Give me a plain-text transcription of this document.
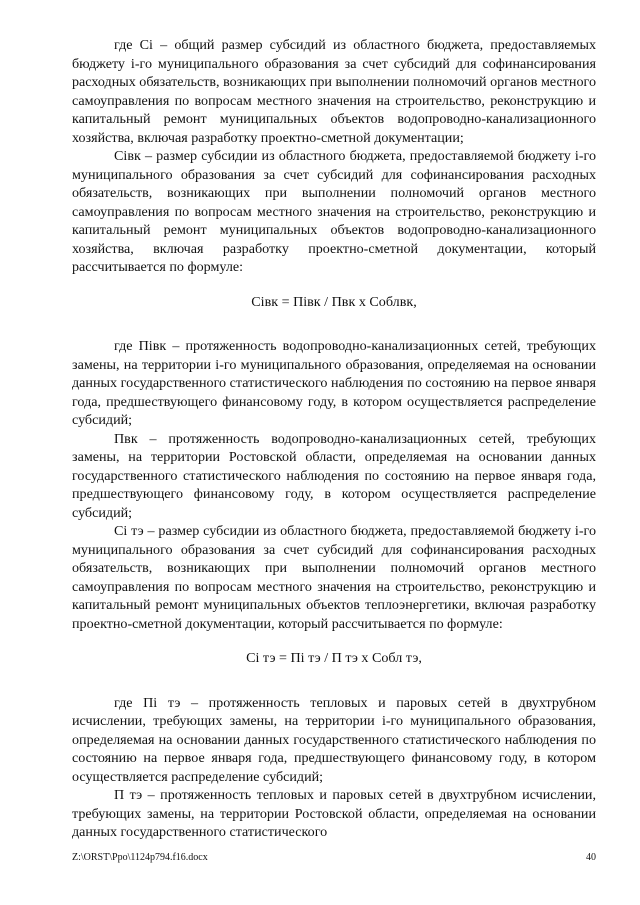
где Ci – общий размер субсидий из областного бюджета, предоставляемых бюджету i-го муниципального образования за счет субсидий для софинансирования расходных обязательств, возникающих при выполнении полномочий органов местного самоуправления по вопросам местного значения на строительство, реконструкцию и капитальный ремонт муниципальных объектов водопроводно-канализационного хозяйства, включая разработку проектно-сметной документации;

Ciвк – размер субсидии из областного бюджета, предоставляемой бюджету i-го муниципального образования за счет субсидий для софинансирования расходных обязательств, возникающих при выполнении полномочий органов местного самоуправления по вопросам местного значения на строительство, реконструкцию и капитальный ремонт муниципальных объектов водопроводно-канализационного хозяйства, включая разработку проектно-сметной документации, который рассчитывается по формуле:

Ciвк = Пiвк / Пвк х Соблвк,

где Пiвк – протяженность водопроводно-канализационных сетей, требующих замены, на территории i-го муниципального образования, определяемая на основании данных государственного статистического наблюдения по состоянию на первое января года, предшествующего финансовому году, в котором осуществляется распределение субсидий;

Пвк – протяженность водопроводно-канализационных сетей, требующих замены, на территории Ростовской области, определяемая на основании данных государственного статистического наблюдения по состоянию на первое января года, предшествующего финансовому году, в котором осуществляется распределение субсидий;

Ci тэ – размер субсидии из областного бюджета, предоставляемой бюджету i-го муниципального образования за счет субсидий для софинансирования расходных обязательств, возникающих при выполнении полномочий органов местного самоуправления по вопросам местного значения на строительство, реконструкцию и капитальный ремонт муниципальных объектов теплоэнергетики, включая разработку проектно-сметной документации, который рассчитывается по формуле:

Ci тэ = Пi тэ / П тэ х Собл тэ,

где Пi тэ – протяженность тепловых и паровых сетей в двухтрубном исчислении, требующих замены, на территории i-го муниципального образования, определяемая на основании данных государственного статистического наблюдения по состоянию на первое января года, предшествующего финансовому году, в котором осуществляется распределение субсидий;

П тэ – протяженность тепловых и паровых сетей в двухтрубном исчислении, требующих замены, на территории Ростовской области, определяемая на основании данных государственного статистического

Z:\ORST\Ppo\1124p794.f16.docx	40
